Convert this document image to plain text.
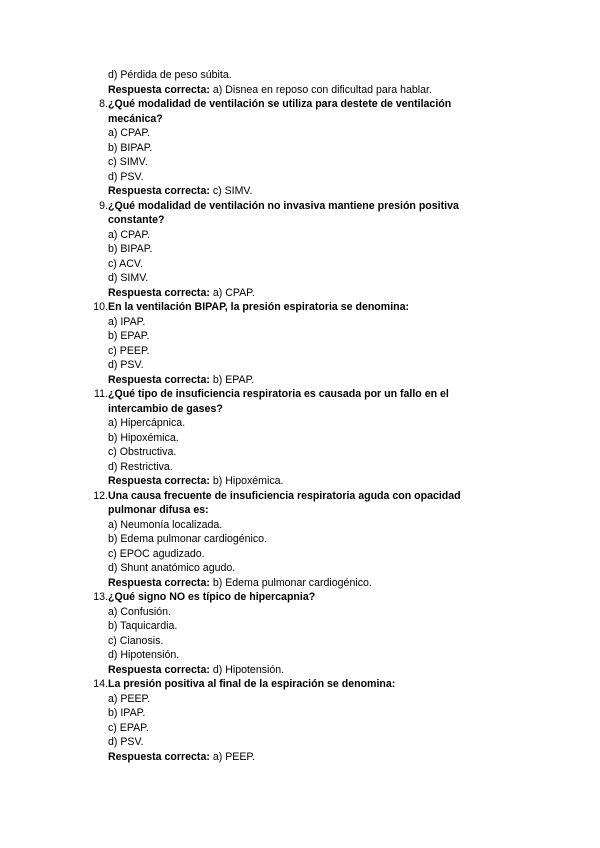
d) Pérdida de peso súbita.
Respuesta correcta: a) Disnea en reposo con dificultad para hablar.
8. ¿Qué modalidad de ventilación se utiliza para destete de ventilación
mecánica?
a) CPAP.
b) BIPAP.
c) SIMV.
d) PSV.
Respuesta correcta: c) SIMV.
9. ¿Qué modalidad de ventilación no invasiva mantiene presión positiva
constante?
a) CPAP.
b) BIPAP.
c) ACV.
d) SIMV.
Respuesta correcta: a) CPAP.
10. En la ventilación BIPAP, la presión espiratoria se denomina:
a) IPAP.
b) EPAP.
c) PEEP.
d) PSV.
Respuesta correcta: b) EPAP.
11. ¿Qué tipo de insuficiencia respiratoria es causada por un fallo en el
intercambio de gases?
a) Hipercápnica.
b) Hipoxémica.
c) Obstructiva.
d) Restrictiva.
Respuesta correcta: b) Hipoxémica.
12. Una causa frecuente de insuficiencia respiratoria aguda con opacidad
pulmonar difusa es:
a) Neumonía localizada.
b) Edema pulmonar cardiogénico.
c) EPOC agudizado.
d) Shunt anatómico agudo.
Respuesta correcta: b) Edema pulmonar cardiogénico.
13. ¿Qué signo NO es típico de hipercapnia?
a) Confusión.
b) Taquicardia.
c) Cianosis.
d) Hipotensión.
Respuesta correcta: d) Hipotensión.
14. La presión positiva al final de la espiración se denomina:
a) PEEP.
b) IPAP.
c) EPAP.
d) PSV.
Respuesta correcta: a) PEEP.
